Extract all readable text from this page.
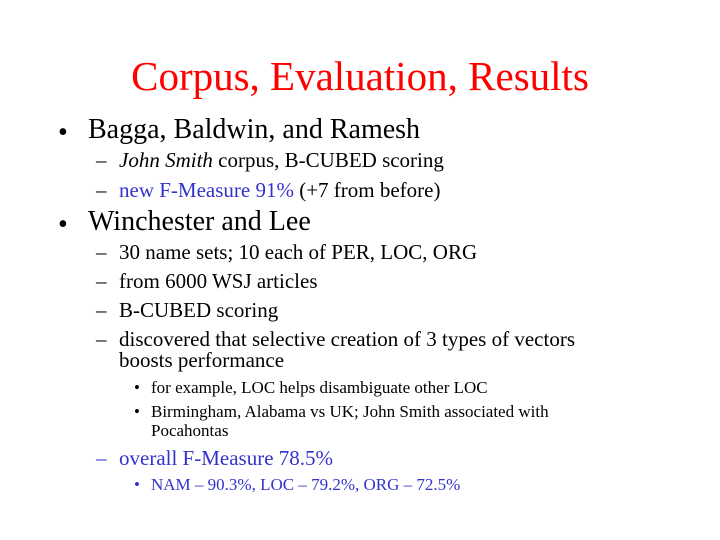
Corpus, Evaluation, Results
• Bagga, Baldwin, and Ramesh
– John Smith corpus, B-CUBED scoring
– new F-Measure 91% (+7 from before)
• Winchester and Lee
– 30 name sets; 10 each of PER, LOC, ORG
– from 6000 WSJ articles
– B-CUBED scoring
– discovered that selective creation of 3 types of vectors
boosts performance
• for example, LOC helps disambiguate other LOC
• Birmingham, Alabama vs UK; John Smith associated with
Pocahontas
– overall F-Measure 78.5%
• NAM – 90.3%, LOC – 79.2%, ORG – 72.5%
